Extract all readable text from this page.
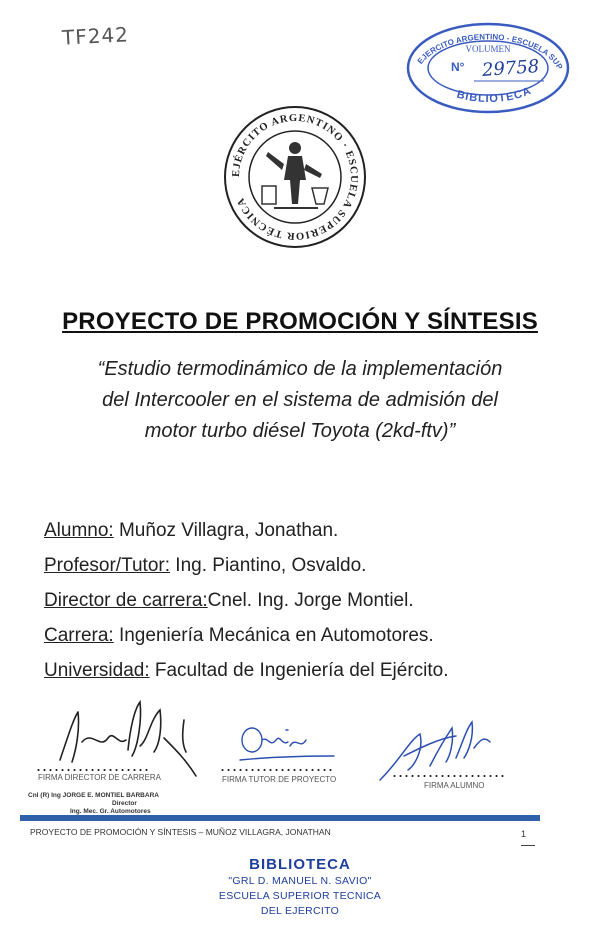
TF242
EJERCITO ARGENTINO - ESCUELA SUP
VOLUMEN
BIBLIOTECA
N° 29758
EJÉRCITO ARGENTINO · ESCUELA SUPERIOR TÉCNICA
PROYECTO DE PROMOCIÓN Y SÍNTESIS
“Estudio termodinámico de la implementación
del Intercooler en el sistema de admisión del
motor turbo diésel Toyota (2kd-ftv)”
Alumno: Muñoz Villagra, Jonathan.
Profesor/Tutor: Ing. Piantino, Osvaldo.
Director de carrera:Cnel. Ing. Jorge Montiel.
Carrera: Ingeniería Mecánica en Automotores.
Universidad: Facultad de Ingeniería del Ejército.
...................
FIRMA DIRECTOR DE CARRERA
...................
FIRMA TUTOR DE PROYECTO	...................
FIRMA ALUMNO
Cnl (R) Ing JORGE E. MONTIEL BARBARA
Director
Ing. Mec. Gr. Automotores
PROYECTO DE PROMOCIÓN Y SÍNTESIS – MUÑOZ VILLAGRA, JONATHAN	1
BIBLIOTECA
"GRL D. MANUEL N. SAVIO"
ESCUELA SUPERIOR TECNICA
DEL EJERCITO
